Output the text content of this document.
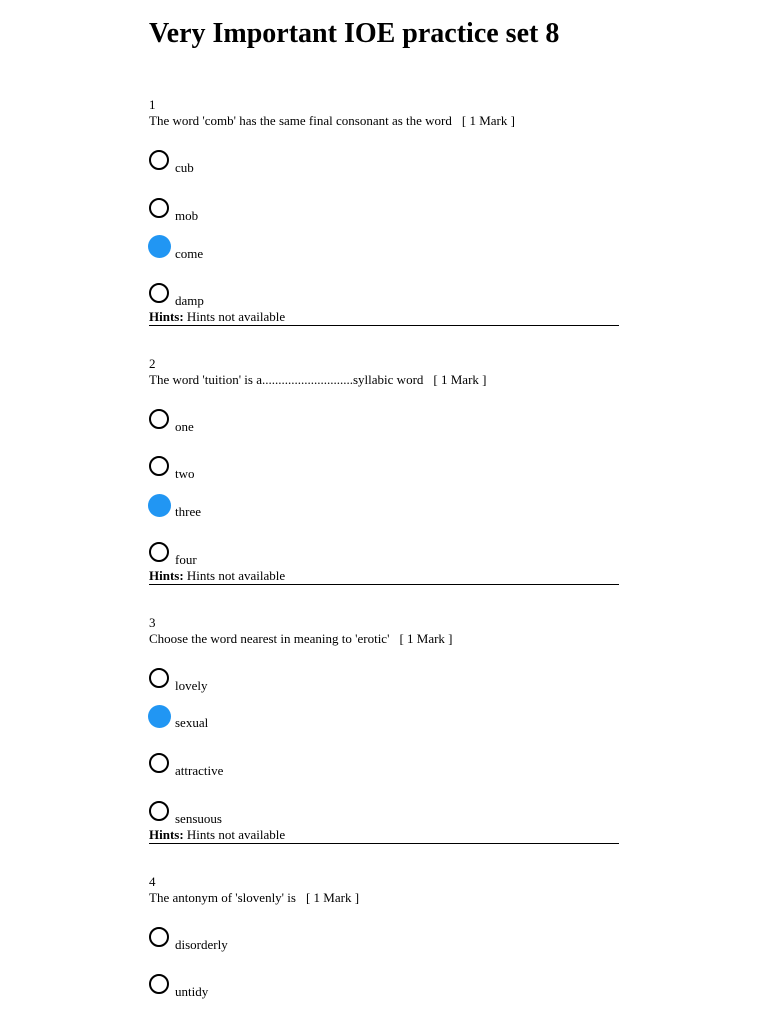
Very Important IOE practice set 8
1
The word 'comb' has the same final consonant as the word [ 1 Mark ]
cub
mob
come
damp
Hints: Hints not available
2
The word 'tuition' is a............................syllabic word [ 1 Mark ]
one
two
three
four
Hints: Hints not available
3
Choose the word nearest in meaning to 'erotic' [ 1 Mark ]
lovely
sexual
attractive
sensuous
Hints: Hints not available
4
The antonym of 'slovenly' is [ 1 Mark ]
disorderly
untidy
